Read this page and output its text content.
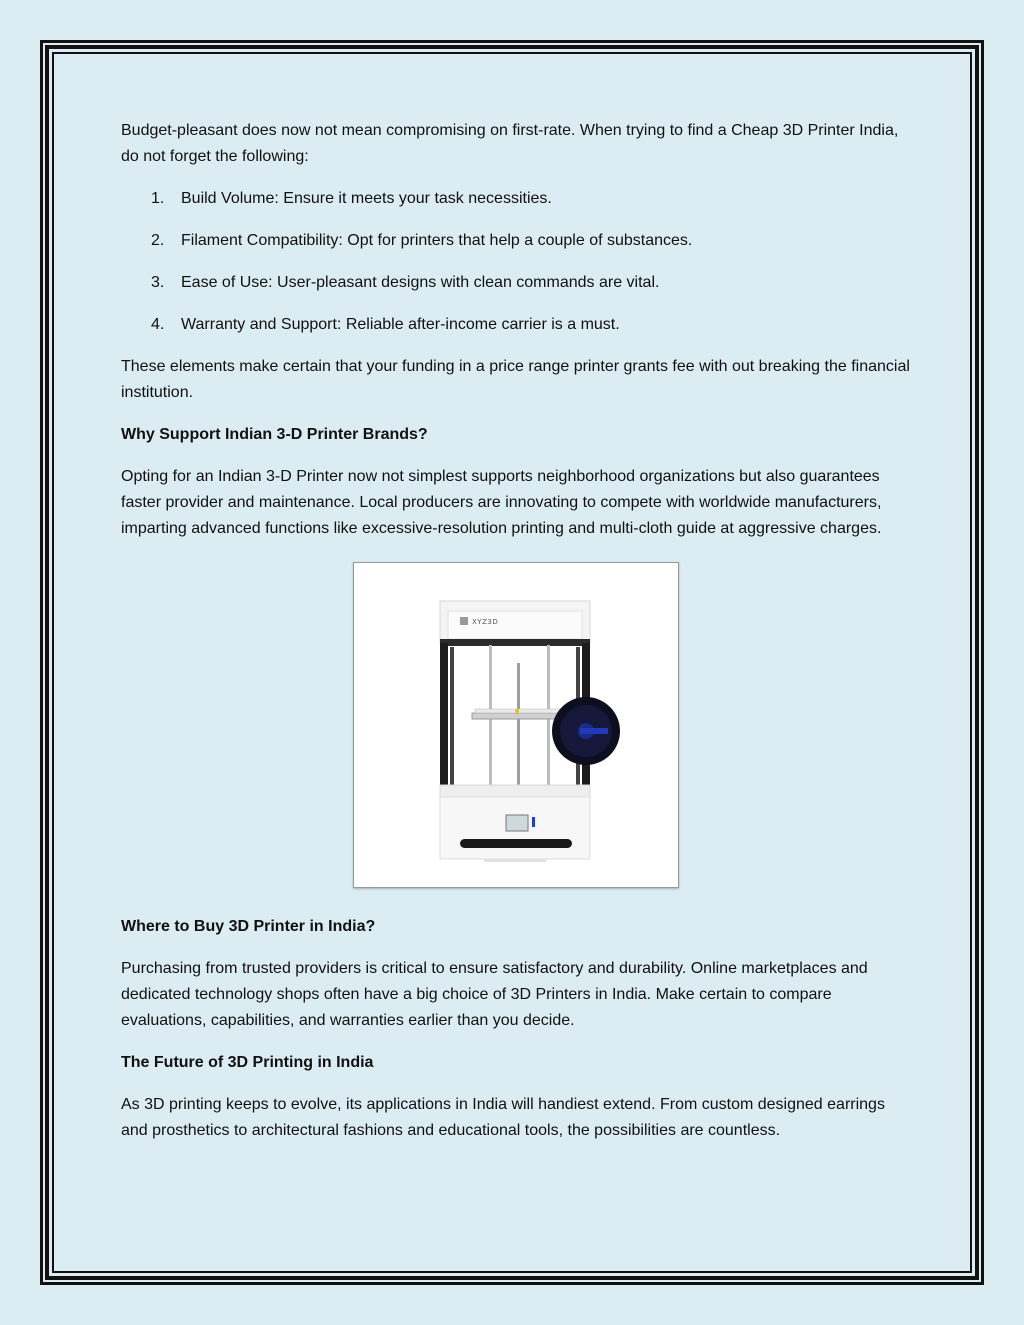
Budget-pleasant does now not mean compromising on first-rate. When trying to find a Cheap 3D Printer India, do not forget the following:

1. Build Volume: Ensure it meets your task necessities.
2. Filament Compatibility: Opt for printers that help a couple of substances.
3. Ease of Use: User-pleasant designs with clean commands are vital.
4. Warranty and Support: Reliable after-income carrier is a must.

These elements make certain that your funding in a price range printer grants fee with out breaking the financial institution.

Why Support Indian 3-D Printer Brands?

Opting for an Indian 3-D Printer now not simplest supports neighborhood organizations but also guarantees faster provider and maintenance. Local producers are innovating to compete with worldwide manufacturers, imparting advanced functions like excessive-resolution printing and multi-cloth guide at aggressive charges.

XYZ3D
Where to Buy 3D Printer in India?

Purchasing from trusted providers is critical to ensure satisfactory and durability. Online marketplaces and dedicated technology shops often have a big choice of 3D Printers in India. Make certain to compare evaluations, capabilities, and warranties earlier than you decide.

The Future of 3D Printing in India

As 3D printing keeps to evolve, its applications in India will handiest extend. From custom designed earrings and prosthetics to architectural fashions and educational tools, the possibilities are countless.
